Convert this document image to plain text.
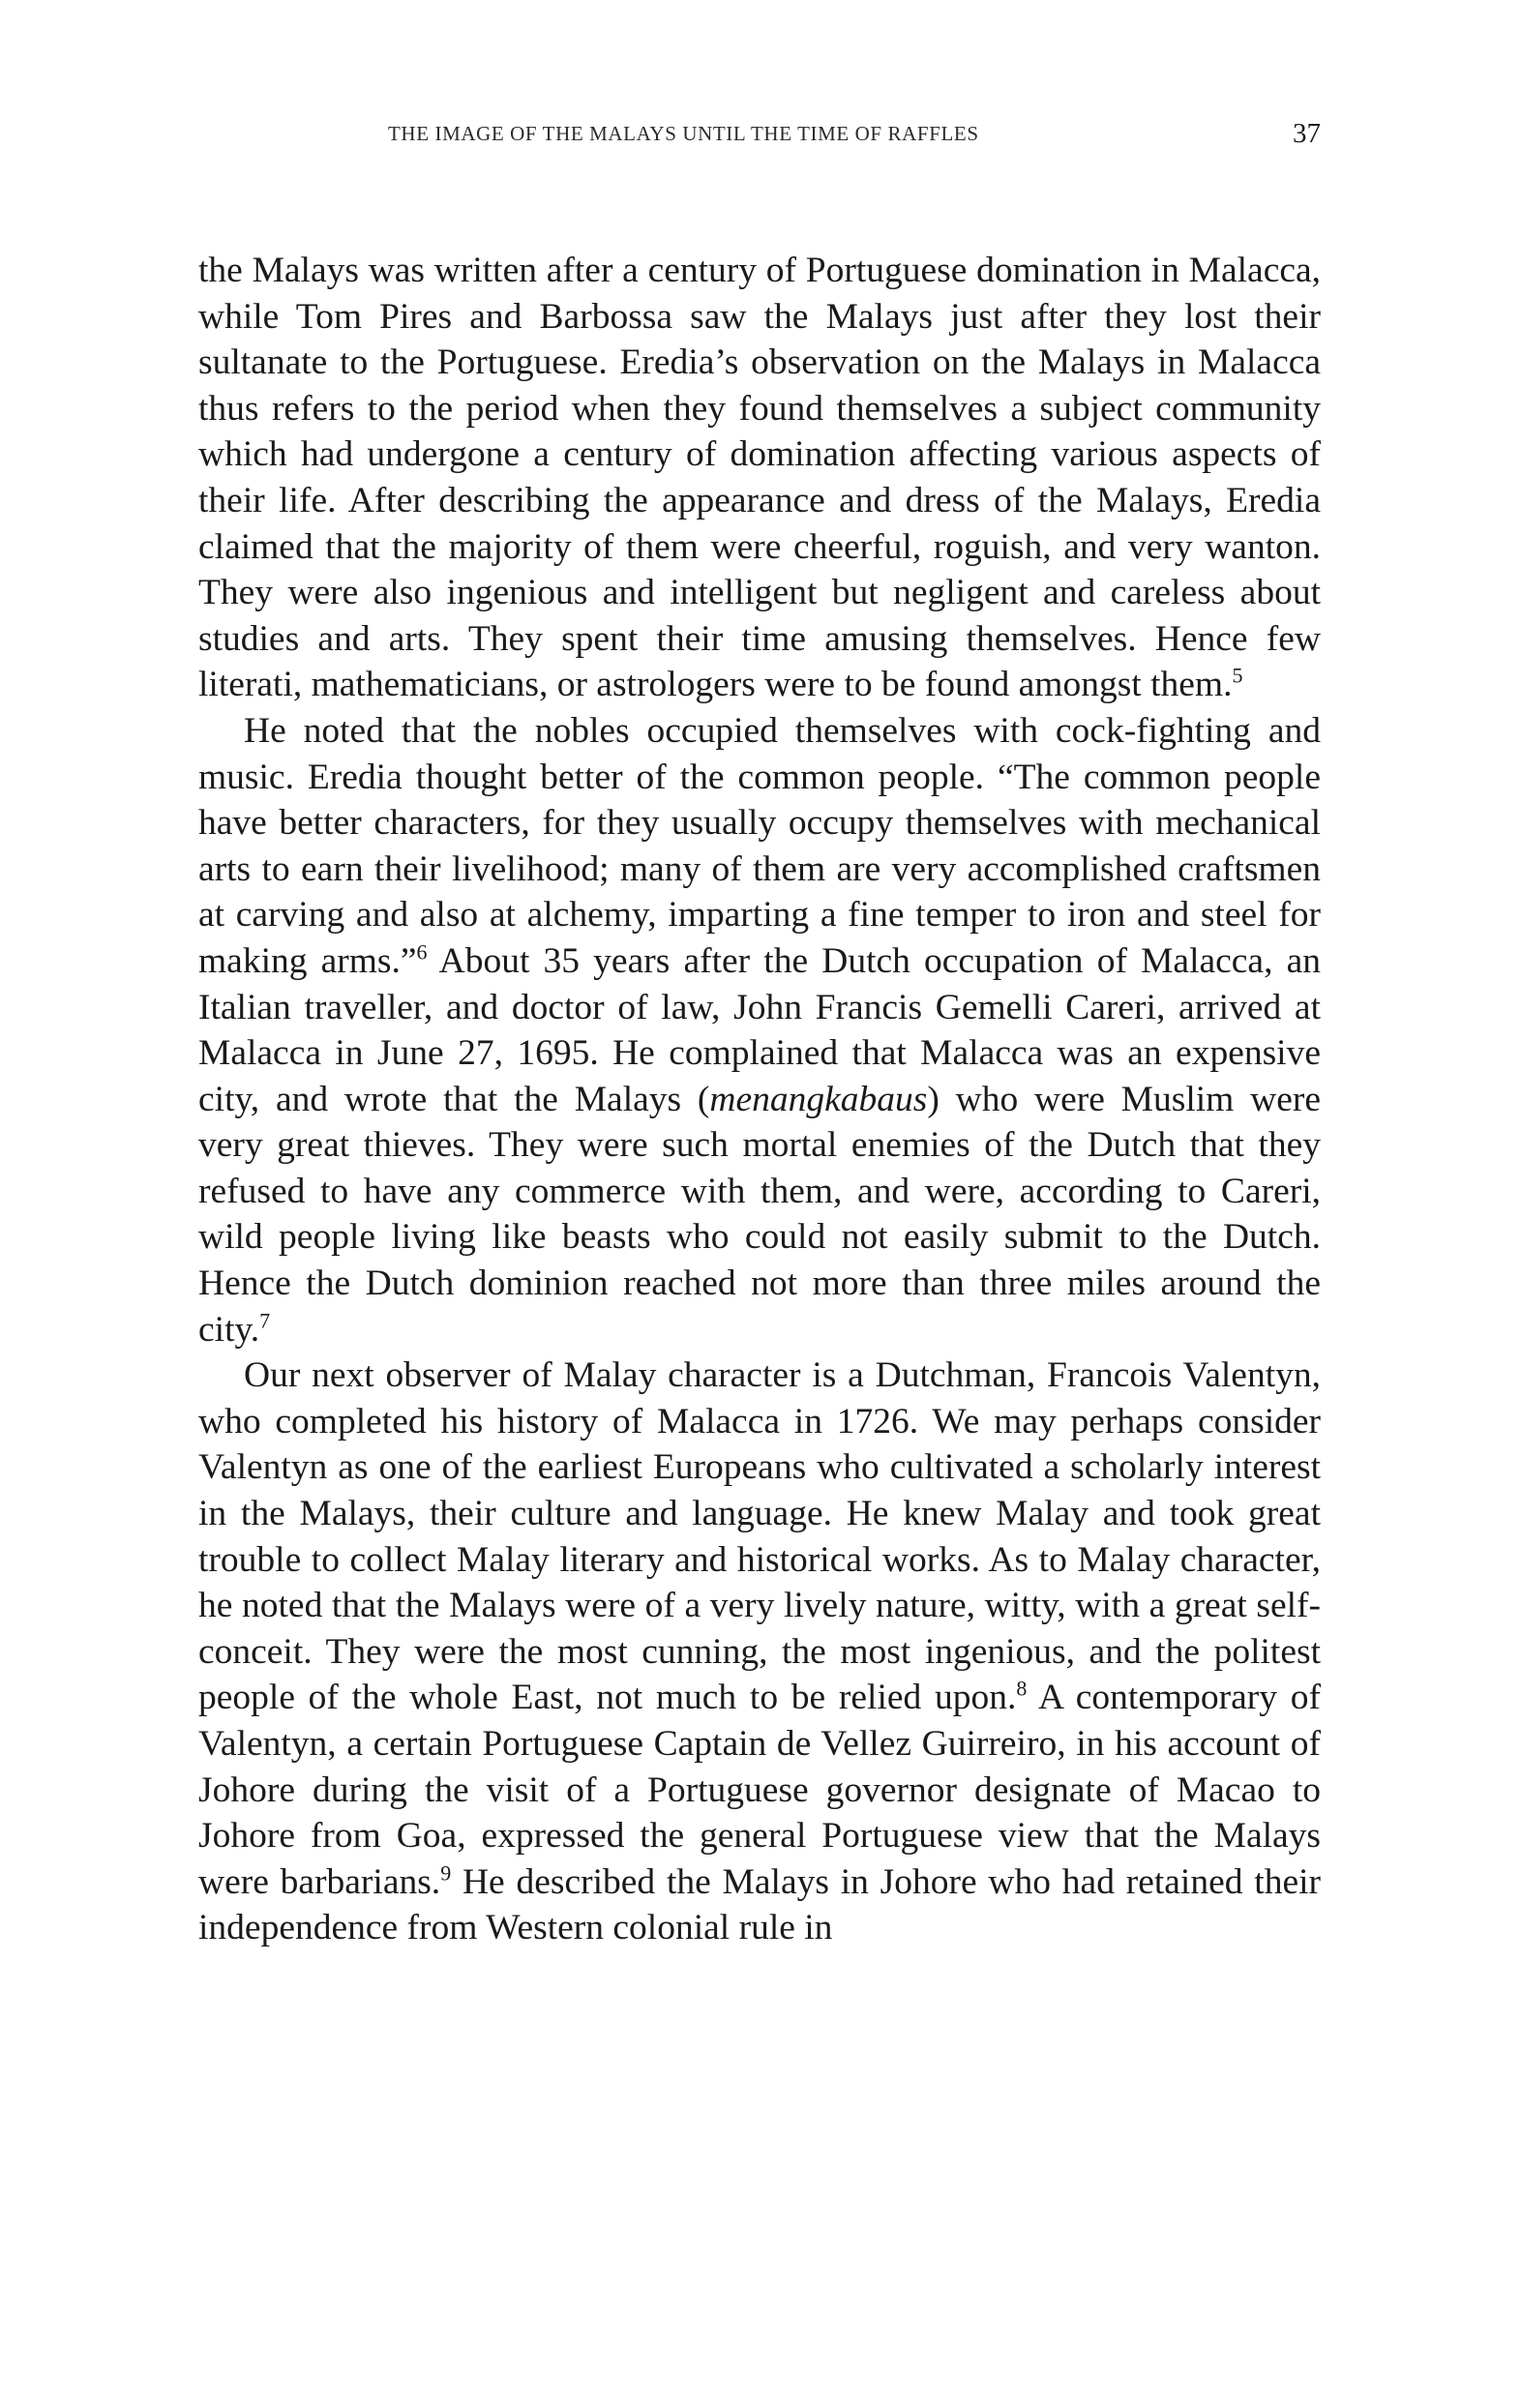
THE IMAGE OF THE MALAYS UNTIL THE TIME OF RAFFLES	37

the Malays was written after a century of Portuguese domination in Malacca, while Tom Pires and Barbossa saw the Malays just after they lost their sultanate to the Portuguese. Eredia’s observation on the Malays in Malacca thus refers to the period when they found themselves a subject community which had undergone a century of domination affecting various aspects of their life. After describing the appearance and dress of the Malays, Eredia claimed that the majority of them were cheerful, roguish, and very wanton. They were also ingenious and intelligent but negligent and careless about studies and arts. They spent their time amusing themselves. Hence few literati, mathematicians, or astrologers were to be found amongst them.$^5$

He noted that the nobles occupied themselves with cock-fighting and music. Eredia thought better of the common people. “The common people have better characters, for they usually occupy themselves with mechanical arts to earn their livelihood; many of them are very accomplished craftsmen at carving and also at alchemy, imparting a fine temper to iron and steel for making arms.”$^6$ About 35 years after the Dutch occupation of Malacca, an Italian traveller, and doctor of law, John Francis Gemelli Careri, arrived at Malacca in June 27, 1695. He complained that Malacca was an expensive city, and wrote that the Malays (menangkabaus) who were Muslim were very great thieves. They were such mortal enemies of the Dutch that they refused to have any commerce with them, and were, according to Careri, wild people living like beasts who could not easily submit to the Dutch. Hence the Dutch dominion reached not more than three miles around the city.$^7$

Our next observer of Malay character is a Dutchman, Francois Valentyn, who completed his history of Malacca in 1726. We may perhaps consider Valentyn as one of the earliest Europeans who cultivated a scholarly interest in the Malays, their culture and language. He knew Malay and took great trouble to collect Malay literary and historical works. As to Malay character, he noted that the Malays were of a very lively nature, witty, with a great self-conceit. They were the most cunning, the most ingenious, and the politest people of the whole East, not much to be relied upon.$^8$ A contemporary of Valentyn, a certain Portuguese Captain de Vellez Guirreiro, in his account of Johore during the visit of a Portuguese governor designate of Macao to Johore from Goa, expressed the general Portuguese view that the Malays were barbarians.$^9$ He described the Malays in Johore who had retained their independence from Western colonial rule in
